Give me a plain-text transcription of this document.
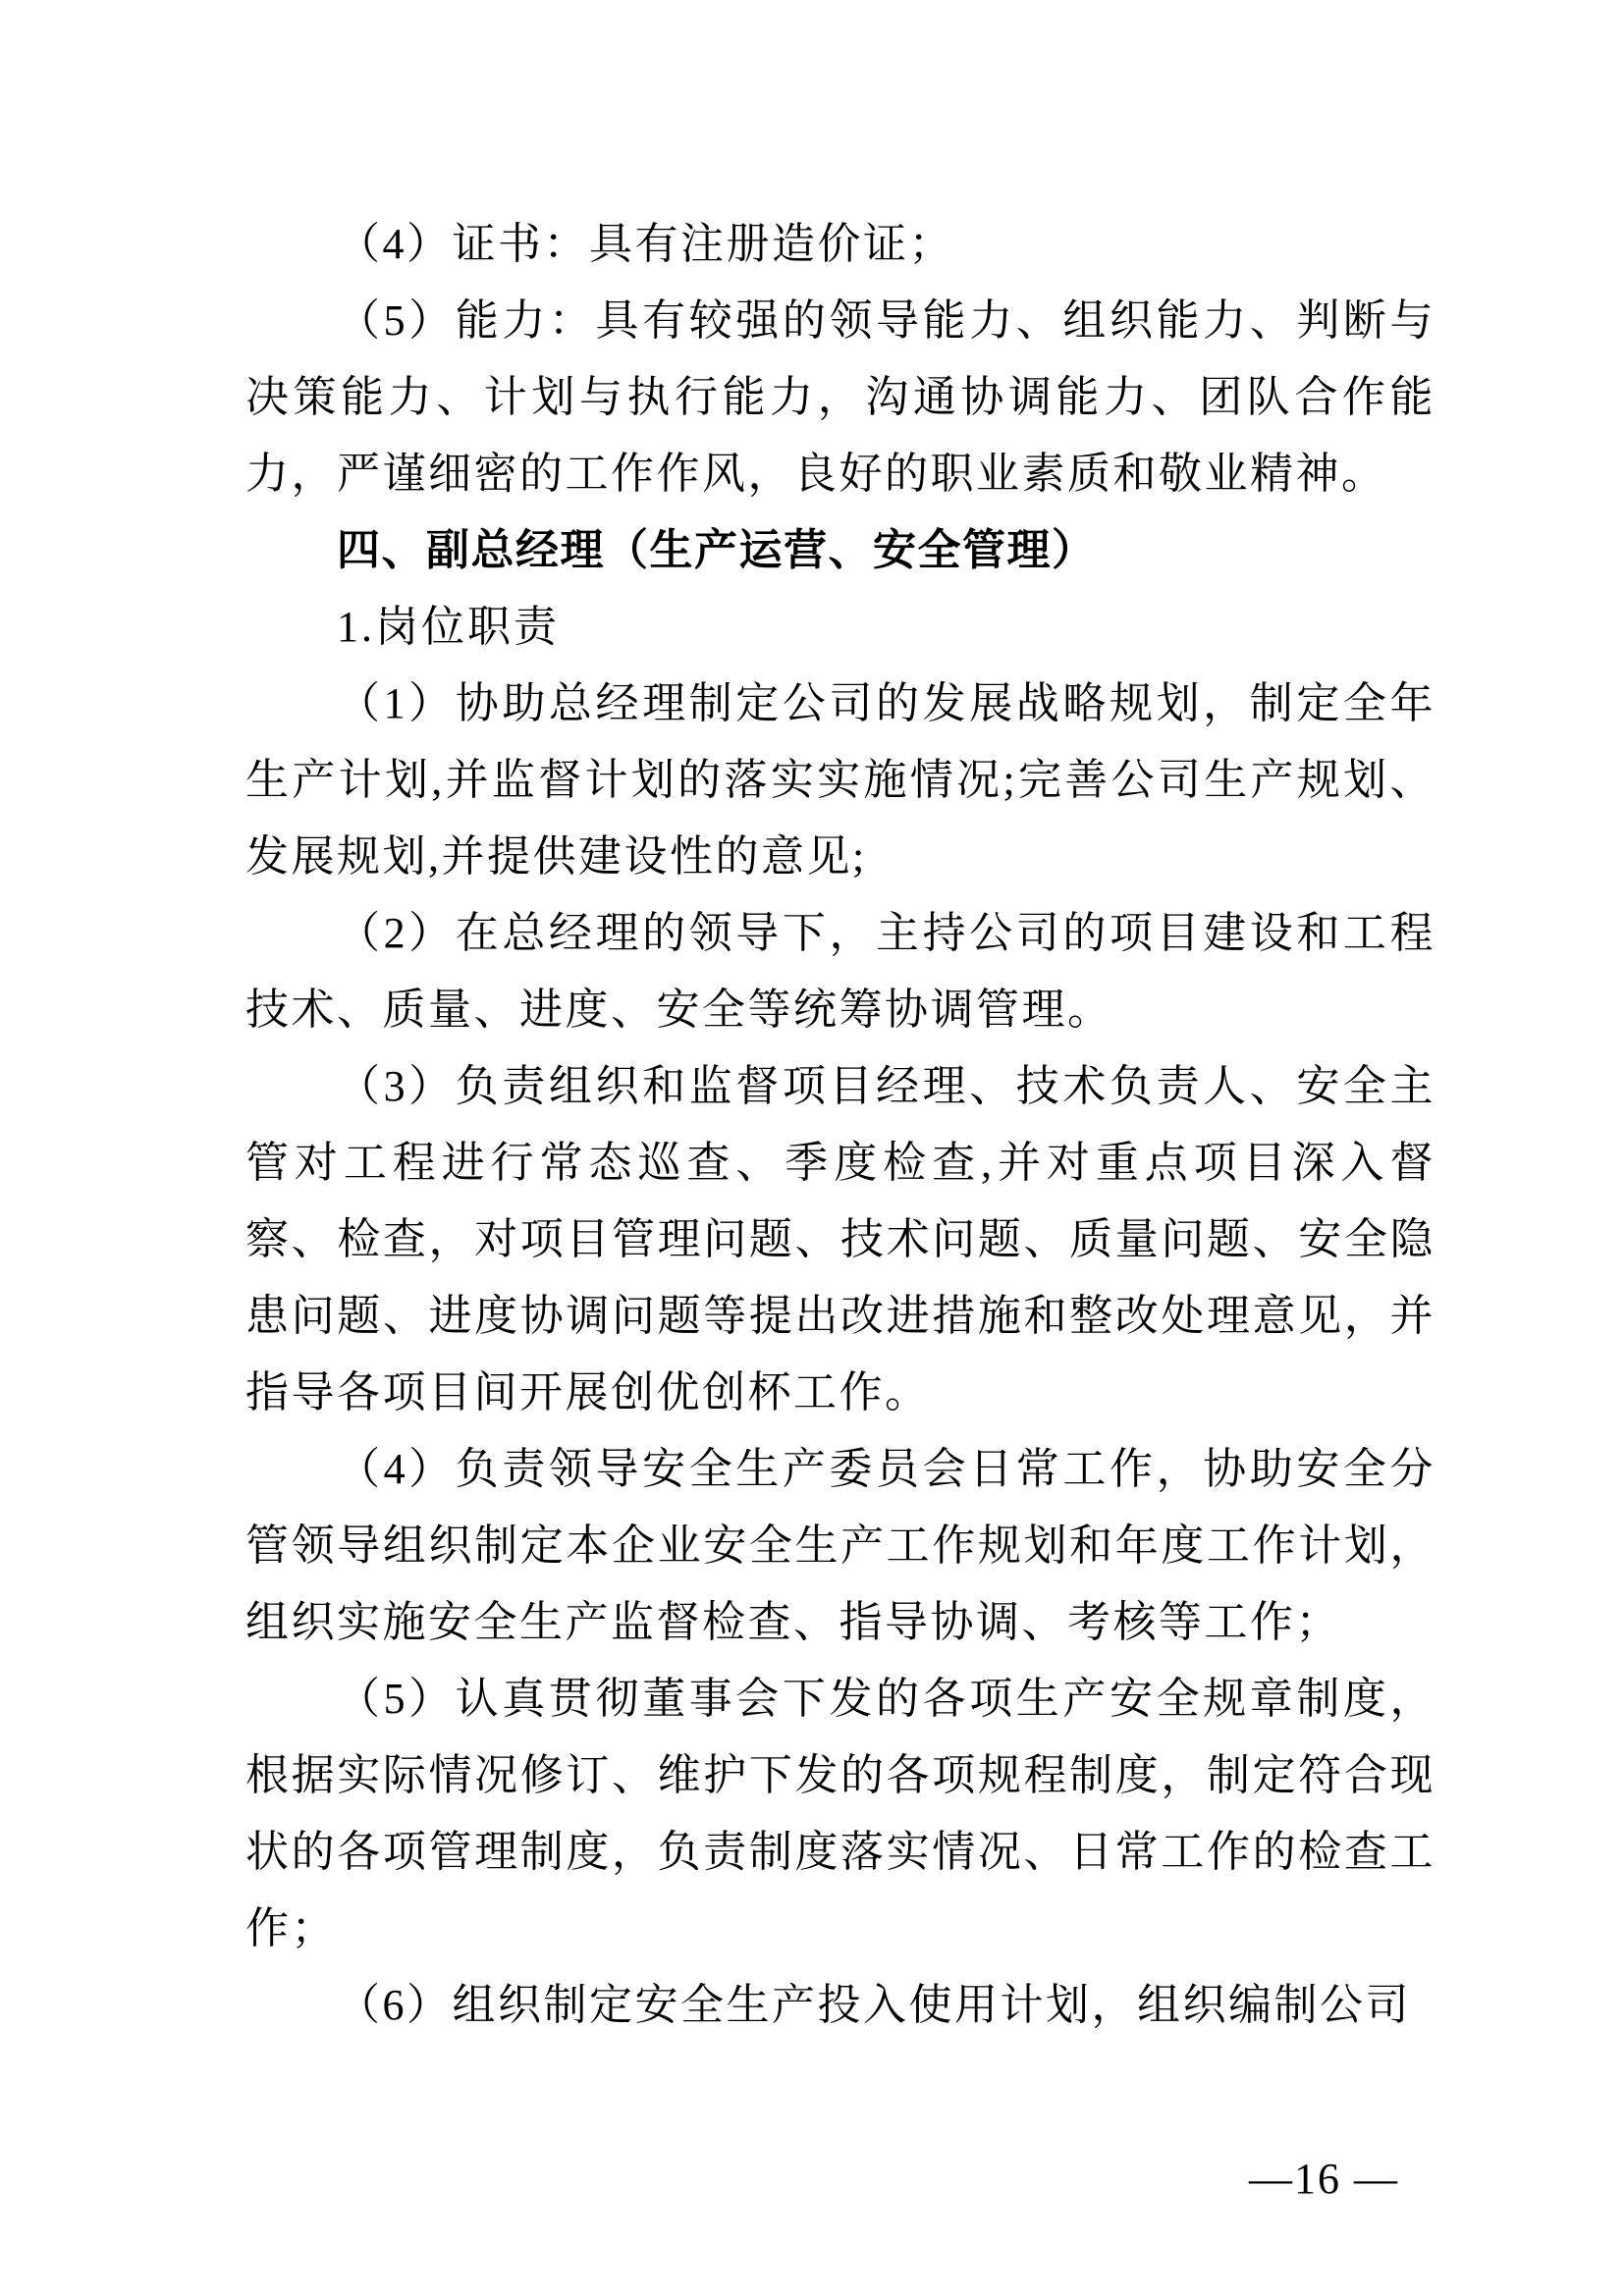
（4）证书：具有注册造价证；

（5）能力：具有较强的领导能力、组织能力、判断与决策能力、计划与执行能力，沟通协调能力、团队合作能力，严谨细密的工作作风，良好的职业素质和敬业精神。

四、副总经理（生产运营、安全管理）

1.岗位职责

（1）协助总经理制定公司的发展战略规划，制定全年生产计划,并监督计划的落实实施情况;完善公司生产规划、发展规划,并提供建设性的意见;

（2）在总经理的领导下，主持公司的项目建设和工程技术、质量、进度、安全等统筹协调管理。

（3）负责组织和监督项目经理、技术负责人、安全主管对工程进行常态巡查、季度检查,并对重点项目深入督察、检查，对项目管理问题、技术问题、质量问题、安全隐患问题、进度协调问题等提出改进措施和整改处理意见，并指导各项目间开展创优创杯工作。

（4）负责领导安全生产委员会日常工作，协助安全分管领导组织制定本企业安全生产工作规划和年度工作计划，组织实施安全生产监督检查、指导协调、考核等工作；

（5）认真贯彻董事会下发的各项生产安全规章制度，根据实际情况修订、维护下发的各项规程制度，制定符合现状的各项管理制度，负责制度落实情况、日常工作的检查工作；

（6）组织制定安全生产投入使用计划，组织编制公司

—16 —
